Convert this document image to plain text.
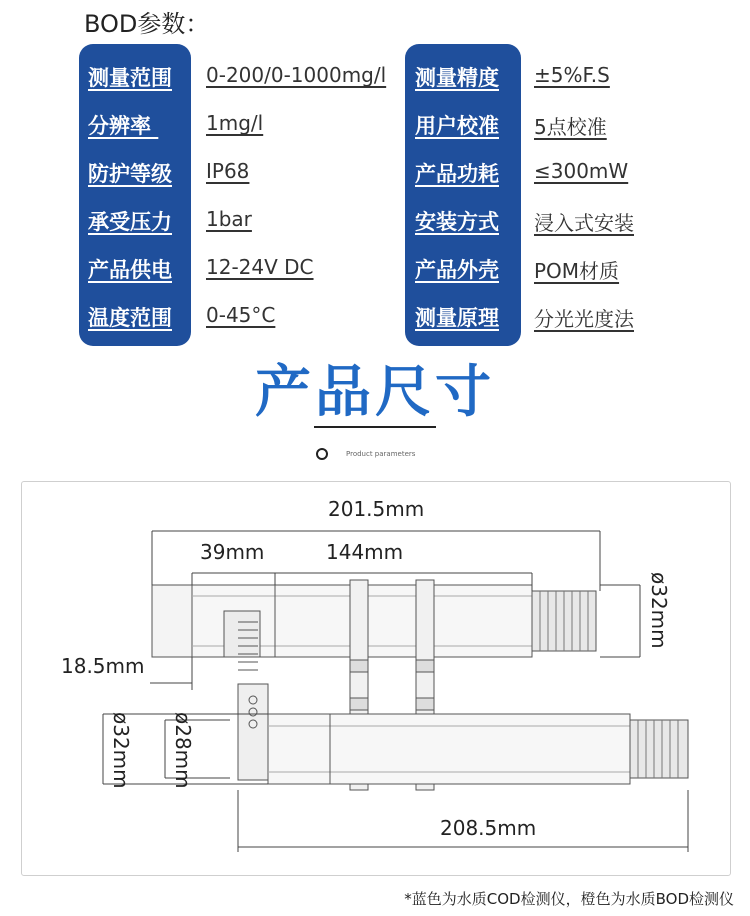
BOD参数：
测量范围
分辨率
防护等级
承受压力
产品供电
温度范围
0-200/0-1000mg/l
1mg/l
IP68
1bar
12-24V DC
0-45°C
测量精度
用户校准
产品功耗
安装方式
产品外壳
测量原理
±5%F.S
5点校准
≤300mW
浸入式安装
POM材质
分光光度法
产品尺寸
Product parameters
201.5mm
39mm	144mm
18.5mm
208.5mm
ø32mm
ø32mm ø28mm
*蓝色为水质COD检测仪，橙色为水质BOD检测仪
